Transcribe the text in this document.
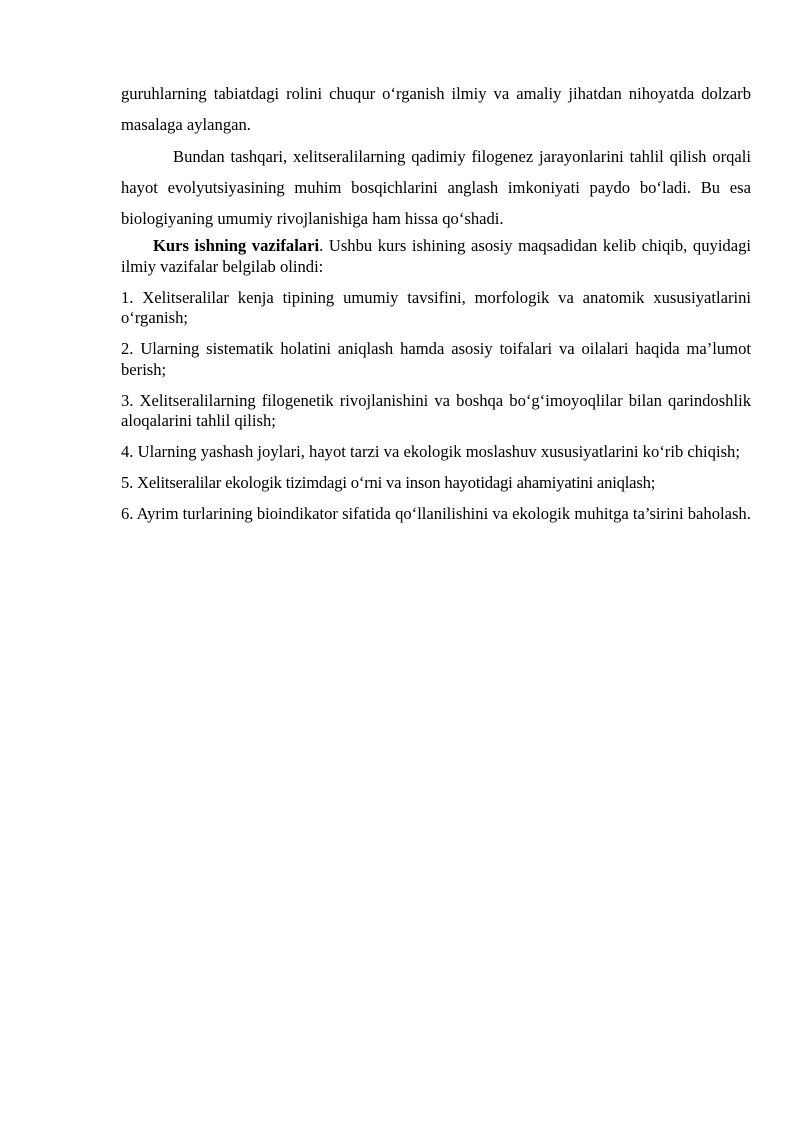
guruhlarning tabiatdagi rolini chuqur o‘rganish ilmiy va amaliy jihatdan nihoyatda dolzarb masalaga aylangan.

Bundan tashqari, xelitseralilarning qadimiy filogenez jarayonlarini tahlil qilish orqali hayot evolyutsiyasining muhim bosqichlarini anglash imkoniyati paydo bo‘ladi. Bu esa biologiyaning umumiy rivojlanishiga ham hissa qo‘shadi.

Kurs ishning vazifalari. Ushbu kurs ishining asosiy maqsadidan kelib chiqib, quyidagi ilmiy vazifalar belgilab olindi:

1. Xelitseralilar kenja tipining umumiy tavsifini, morfologik va anatomik xususiyatlarini o‘rganish;

2. Ularning sistematik holatini aniqlash hamda asosiy toifalari va oilalari haqida ma’lumot berish;

3. Xelitseralilarning filogenetik rivojlanishini va boshqa bo‘g‘imoyoqlilar bilan qarindoshlik aloqalarini tahlil qilish;

4. Ularning yashash joylari, hayot tarzi va ekologik moslashuv xususiyatlarini ko‘rib chiqish;

5. Xelitseralilar ekologik tizimdagi o‘rni va inson hayotidagi ahamiyatini aniqlash;

6. Ayrim turlarining bioindikator sifatida qo‘llanilishini va ekologik muhitga ta’sirini baholash.
